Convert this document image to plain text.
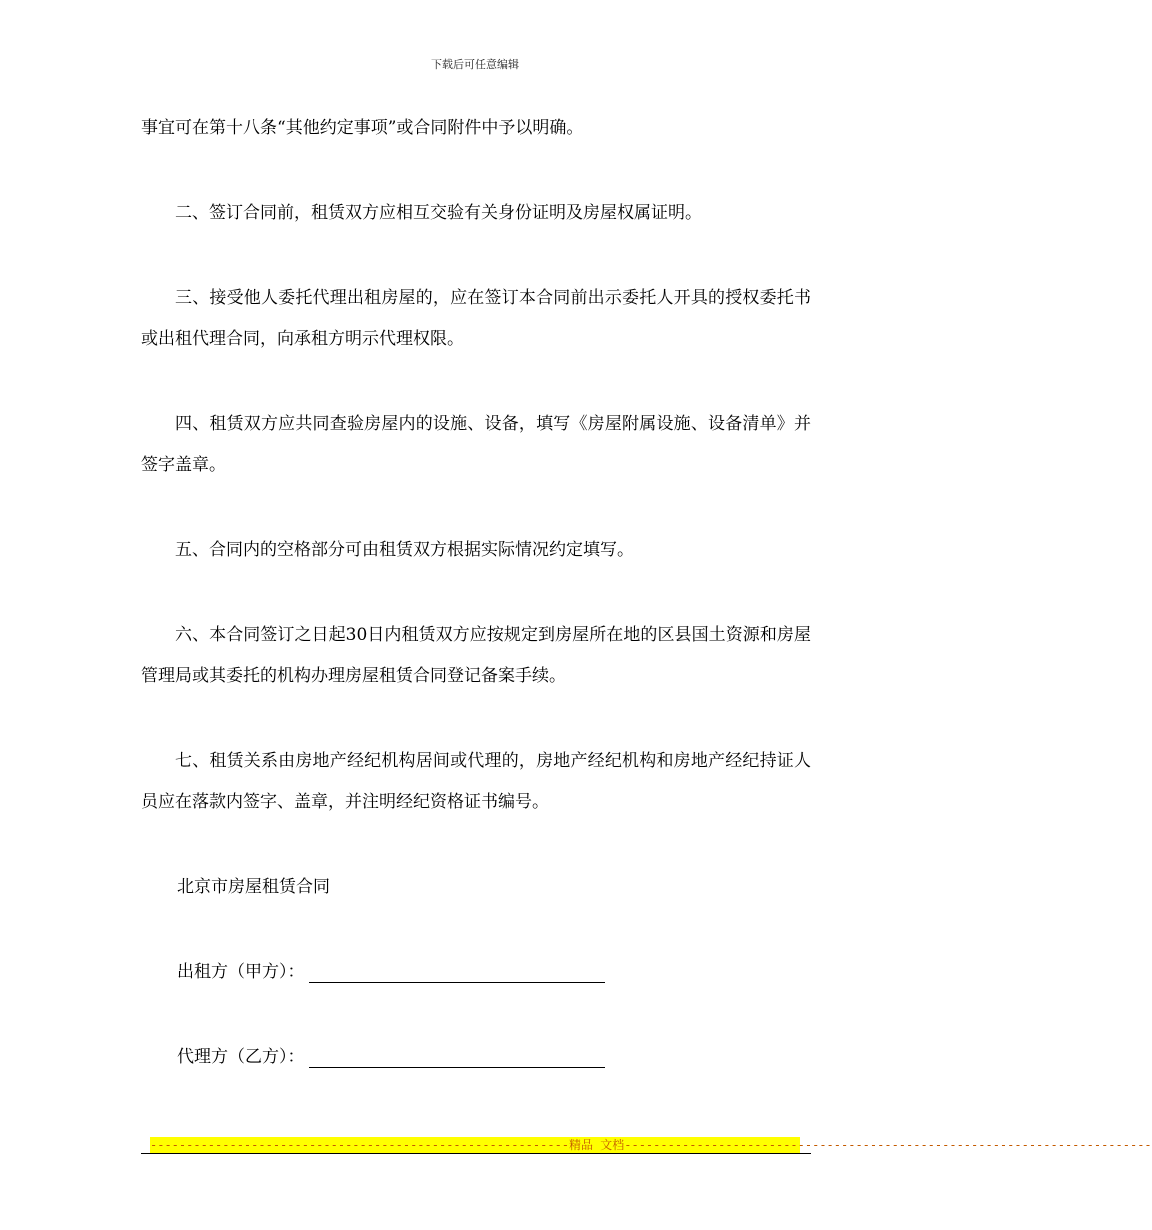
下载后可任意编辑

事宜可在第十八条“其他约定事项”或合同附件中予以明确。

二、签订合同前，租赁双方应相互交验有关身份证明及房屋权属证明。

三、接受他人委托代理出租房屋的，应在签订本合同前出示委托人开具的授权委托书或出租代理合同，向承租方明示代理权限。

四、租赁双方应共同查验房屋内的设施、设备，填写《房屋附属设施、设备清单》并签字盖章。

五、合同内的空格部分可由租赁双方根据实际情况约定填写。

六、本合同签订之日起30日内租赁双方应按规定到房屋所在地的区县国土资源和房屋管理局或其委托的机构办理房屋租赁合同登记备案手续。

七、租赁关系由房地产经纪机构居间或代理的，房地产经纪机构和房地产经纪持证人员应在落款内签字、盖章，并注明经纪资格证书编号。

北京市房屋租赁合同

出租方（甲方）：
代理方（乙方）：
----------------------------------------------------------精品 文档-------------------------------------------------------------------------
